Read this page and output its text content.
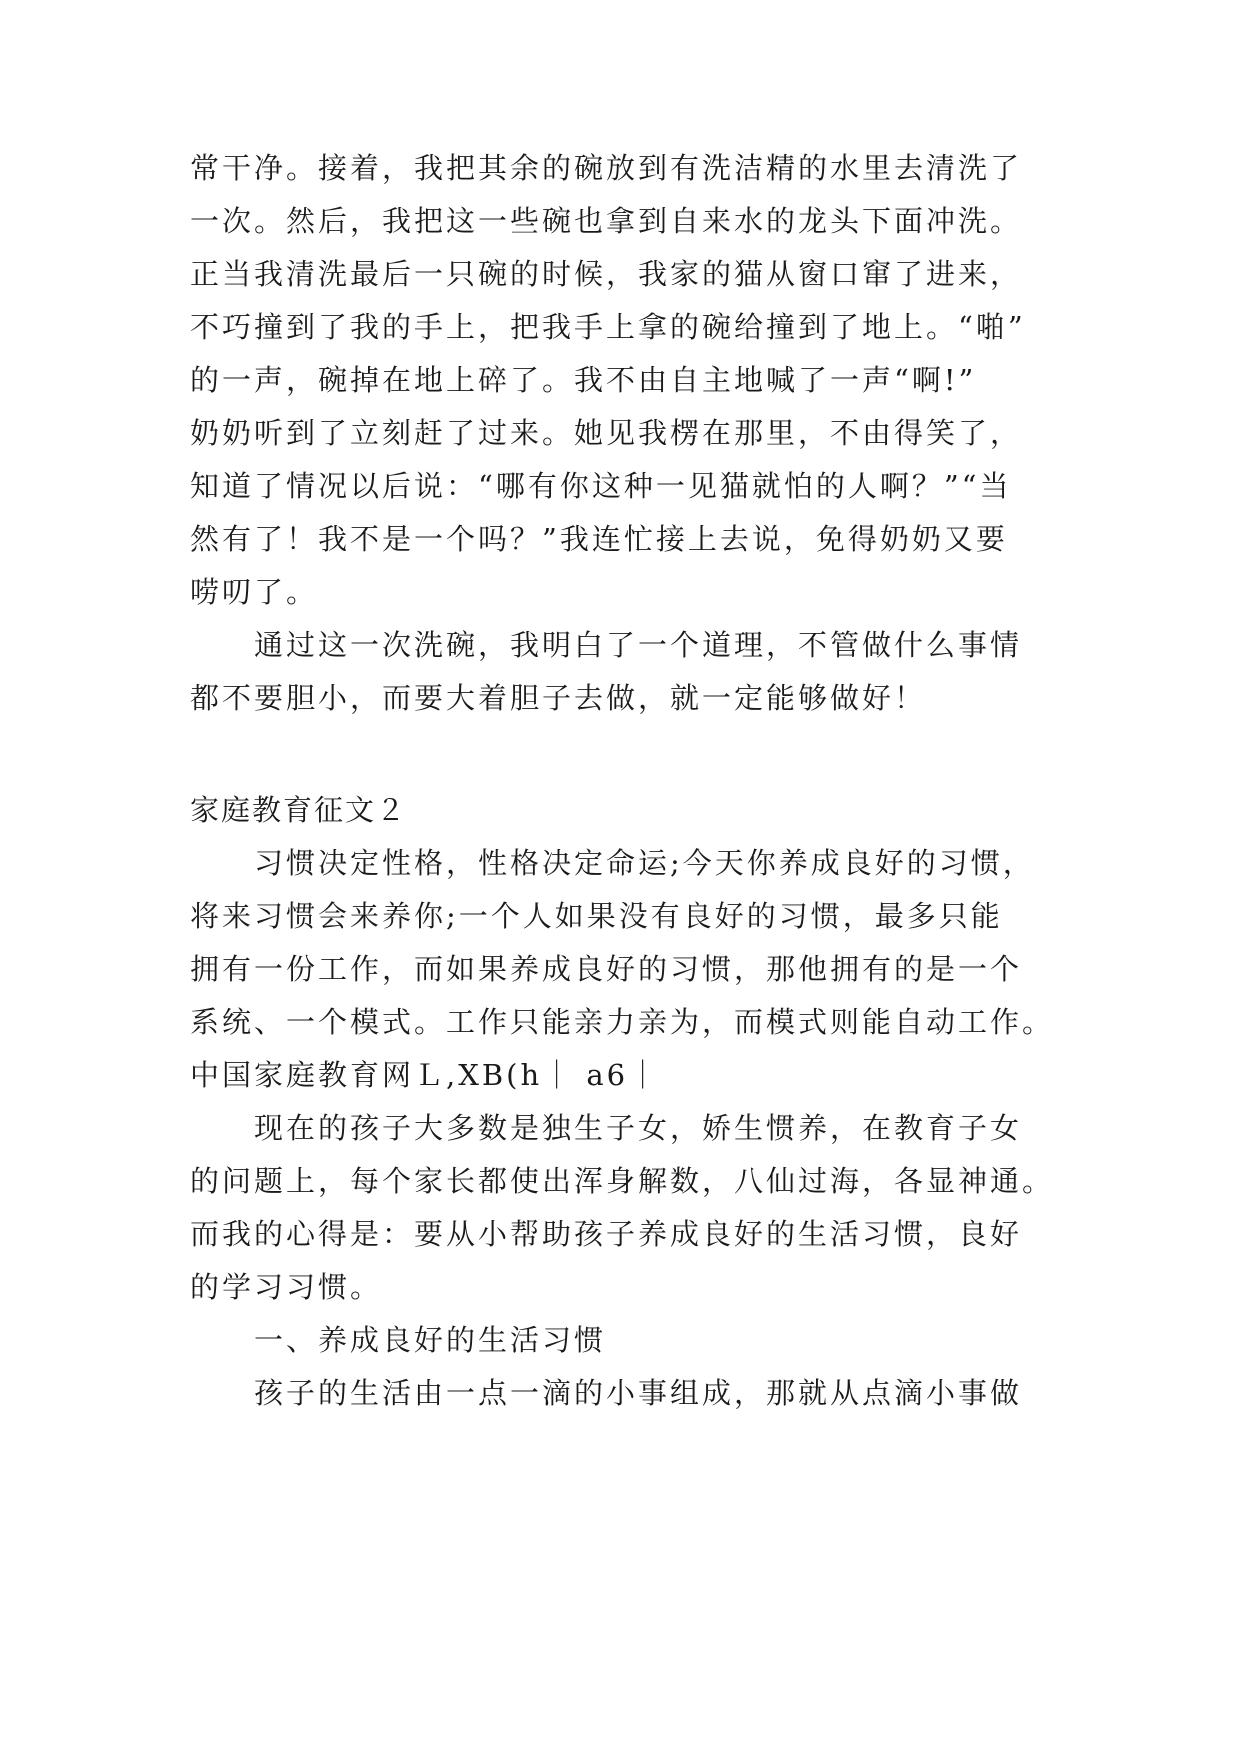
常干净。接着，我把其余的碗放到有洗洁精的水里去清洗了
一次。然后，我把这一些碗也拿到自来水的龙头下面冲洗。
正当我清洗最后一只碗的时候，我家的猫从窗口窜了进来，
不巧撞到了我的手上，把我手上拿的碗给撞到了地上。“啪”
的一声，碗掉在地上碎了。我不由自主地喊了一声“啊!”
奶奶听到了立刻赶了过来。她见我楞在那里，不由得笑了，
知道了情况以后说：“哪有你这种一见猫就怕的人啊？”“当
然有了！我不是一个吗？”我连忙接上去说，免得奶奶又要
唠叨了。
通过这一次洗碗，我明白了一个道理，不管做什么事情
都不要胆小，而要大着胆子去做，就一定能够做好！
家庭教育征文２
习惯决定性格，性格决定命运;今天你养成良好的习惯，
将来习惯会来养你;一个人如果没有良好的习惯，最多只能
拥有一份工作，而如果养成良好的习惯，那他拥有的是一个
系统、一个模式。工作只能亲力亲为，而模式则能自动工作。
中国家庭教育网Ｌ,XB(h｜ a6｜
现在的孩子大多数是独生子女，娇生惯养，在教育子女
的问题上，每个家长都使出浑身解数，八仙过海，各显神通。
而我的心得是：要从小帮助孩子养成良好的生活习惯，良好
的学习习惯。
一、养成良好的生活习惯
孩子的生活由一点一滴的小事组成，那就从点滴小事做
